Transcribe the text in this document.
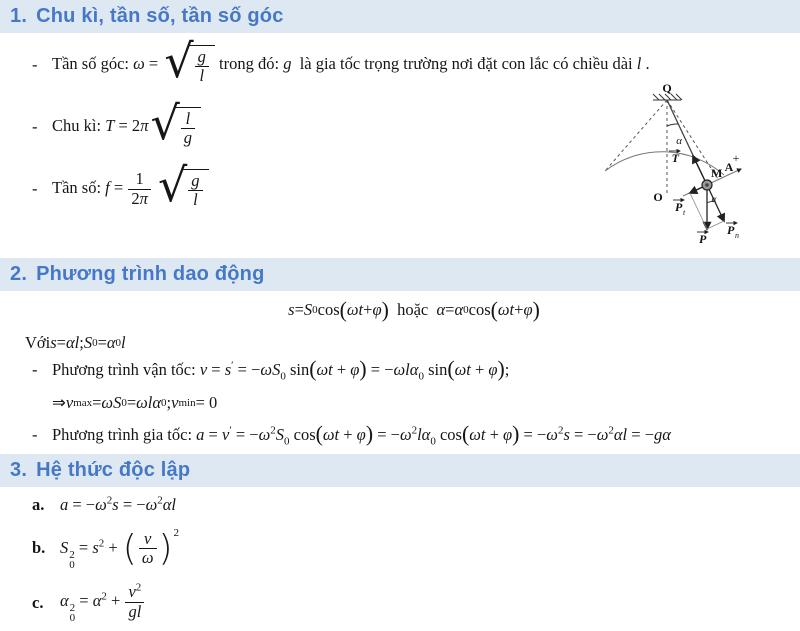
1. Chu kì, tần số, tần số góc
- Tần số góc: ω = √ $\frac{g}{l}$ trong đó: g  là gia tốc trọng trường nơi đặt con lắc có chiều dài l .
- Chu kì: T = 2π √ $\frac{l}{g}$
- Tần số: $f = \frac{1}{2\pi}$
√ $\frac{g}{l}$
Q
α
T
M A
+
O
P t
P
P n
α
2. Phương trình dao động
s = S 0 cos ( ωt + φ ) hoặc α = α 0 cos ( ωt + φ )
Với s = αl ; S 0 = α 0 l
- Phương trình vận tốc: $v = s' = -\omega S_0$ sin(ωt + φ) = −ωlα$_0$ sin(ωt + φ);
⇒ v max = ωS 0 = ωlα 0 ; v min = 0
- Phương trình gia tốc: $a = v' = -\omega^2S_0$ $\cos(\omega t + \varphi) = -\omega^2l\alpha_0$ $\cos(\omega t + \varphi) = -\omega^2s = -\omega^2\alpha l = -g\alpha$
3. Hệ thức độc lập
a. $a = -\omega^2s = -\omega^2\alpha l$
b. S 2
0
= $s^2$ + ( $\frac{v}{\omega} )^2$
c.	α 2
0
= $\alpha^2 + \frac{v^2}{gl}$
